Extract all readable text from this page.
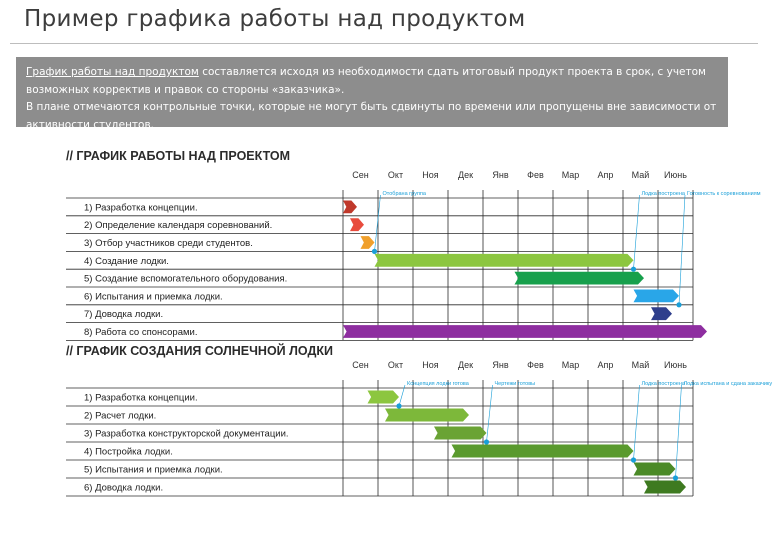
Пример графика работы над продуктом
График работы над продуктом составляется исходя из необходимости сдать итоговый продукт проекта в срок, с учетом возможных корректив и правок со стороны «заказчика».
В плане отмечаются контрольные точки, которые не могут быть сдвинуты по времени или пропущены вне зависимости от активности студентов.
// ГРАФИК РАБОТЫ НАД ПРОЕКТОМ
Сен Окт Ноя Дек Янв Фев Мар Апр Май Июнь
1) Разработка концепции.
2) Определение календаря соревнований.
3) Отбор участников среди студентов.
4) Создание лодки.
5) Создание вспомогательного оборудования.
6) Испытания и приемка лодки.
7) Доводка лодки.
8) Работа со спонсорами.
Отобрана группа	Лодка построена Готовность к соревнованиям
// ГРАФИК СОЗДАНИЯ СОЛНЕЧНОЙ ЛОДКИ
Сен Окт Ноя Дек Янв Фев Мар Апр Май Июнь
1) Разработка концепции.
2) Расчет лодки.
3) Разработка конструкторской документации.
4) Постройка лодки.
5) Испытания и приемка лодки.
6) Доводка лодки.
Концепция лодки готова	Чертежи готовы	Лодка построена
Лодка испытана и сдана заказчику
